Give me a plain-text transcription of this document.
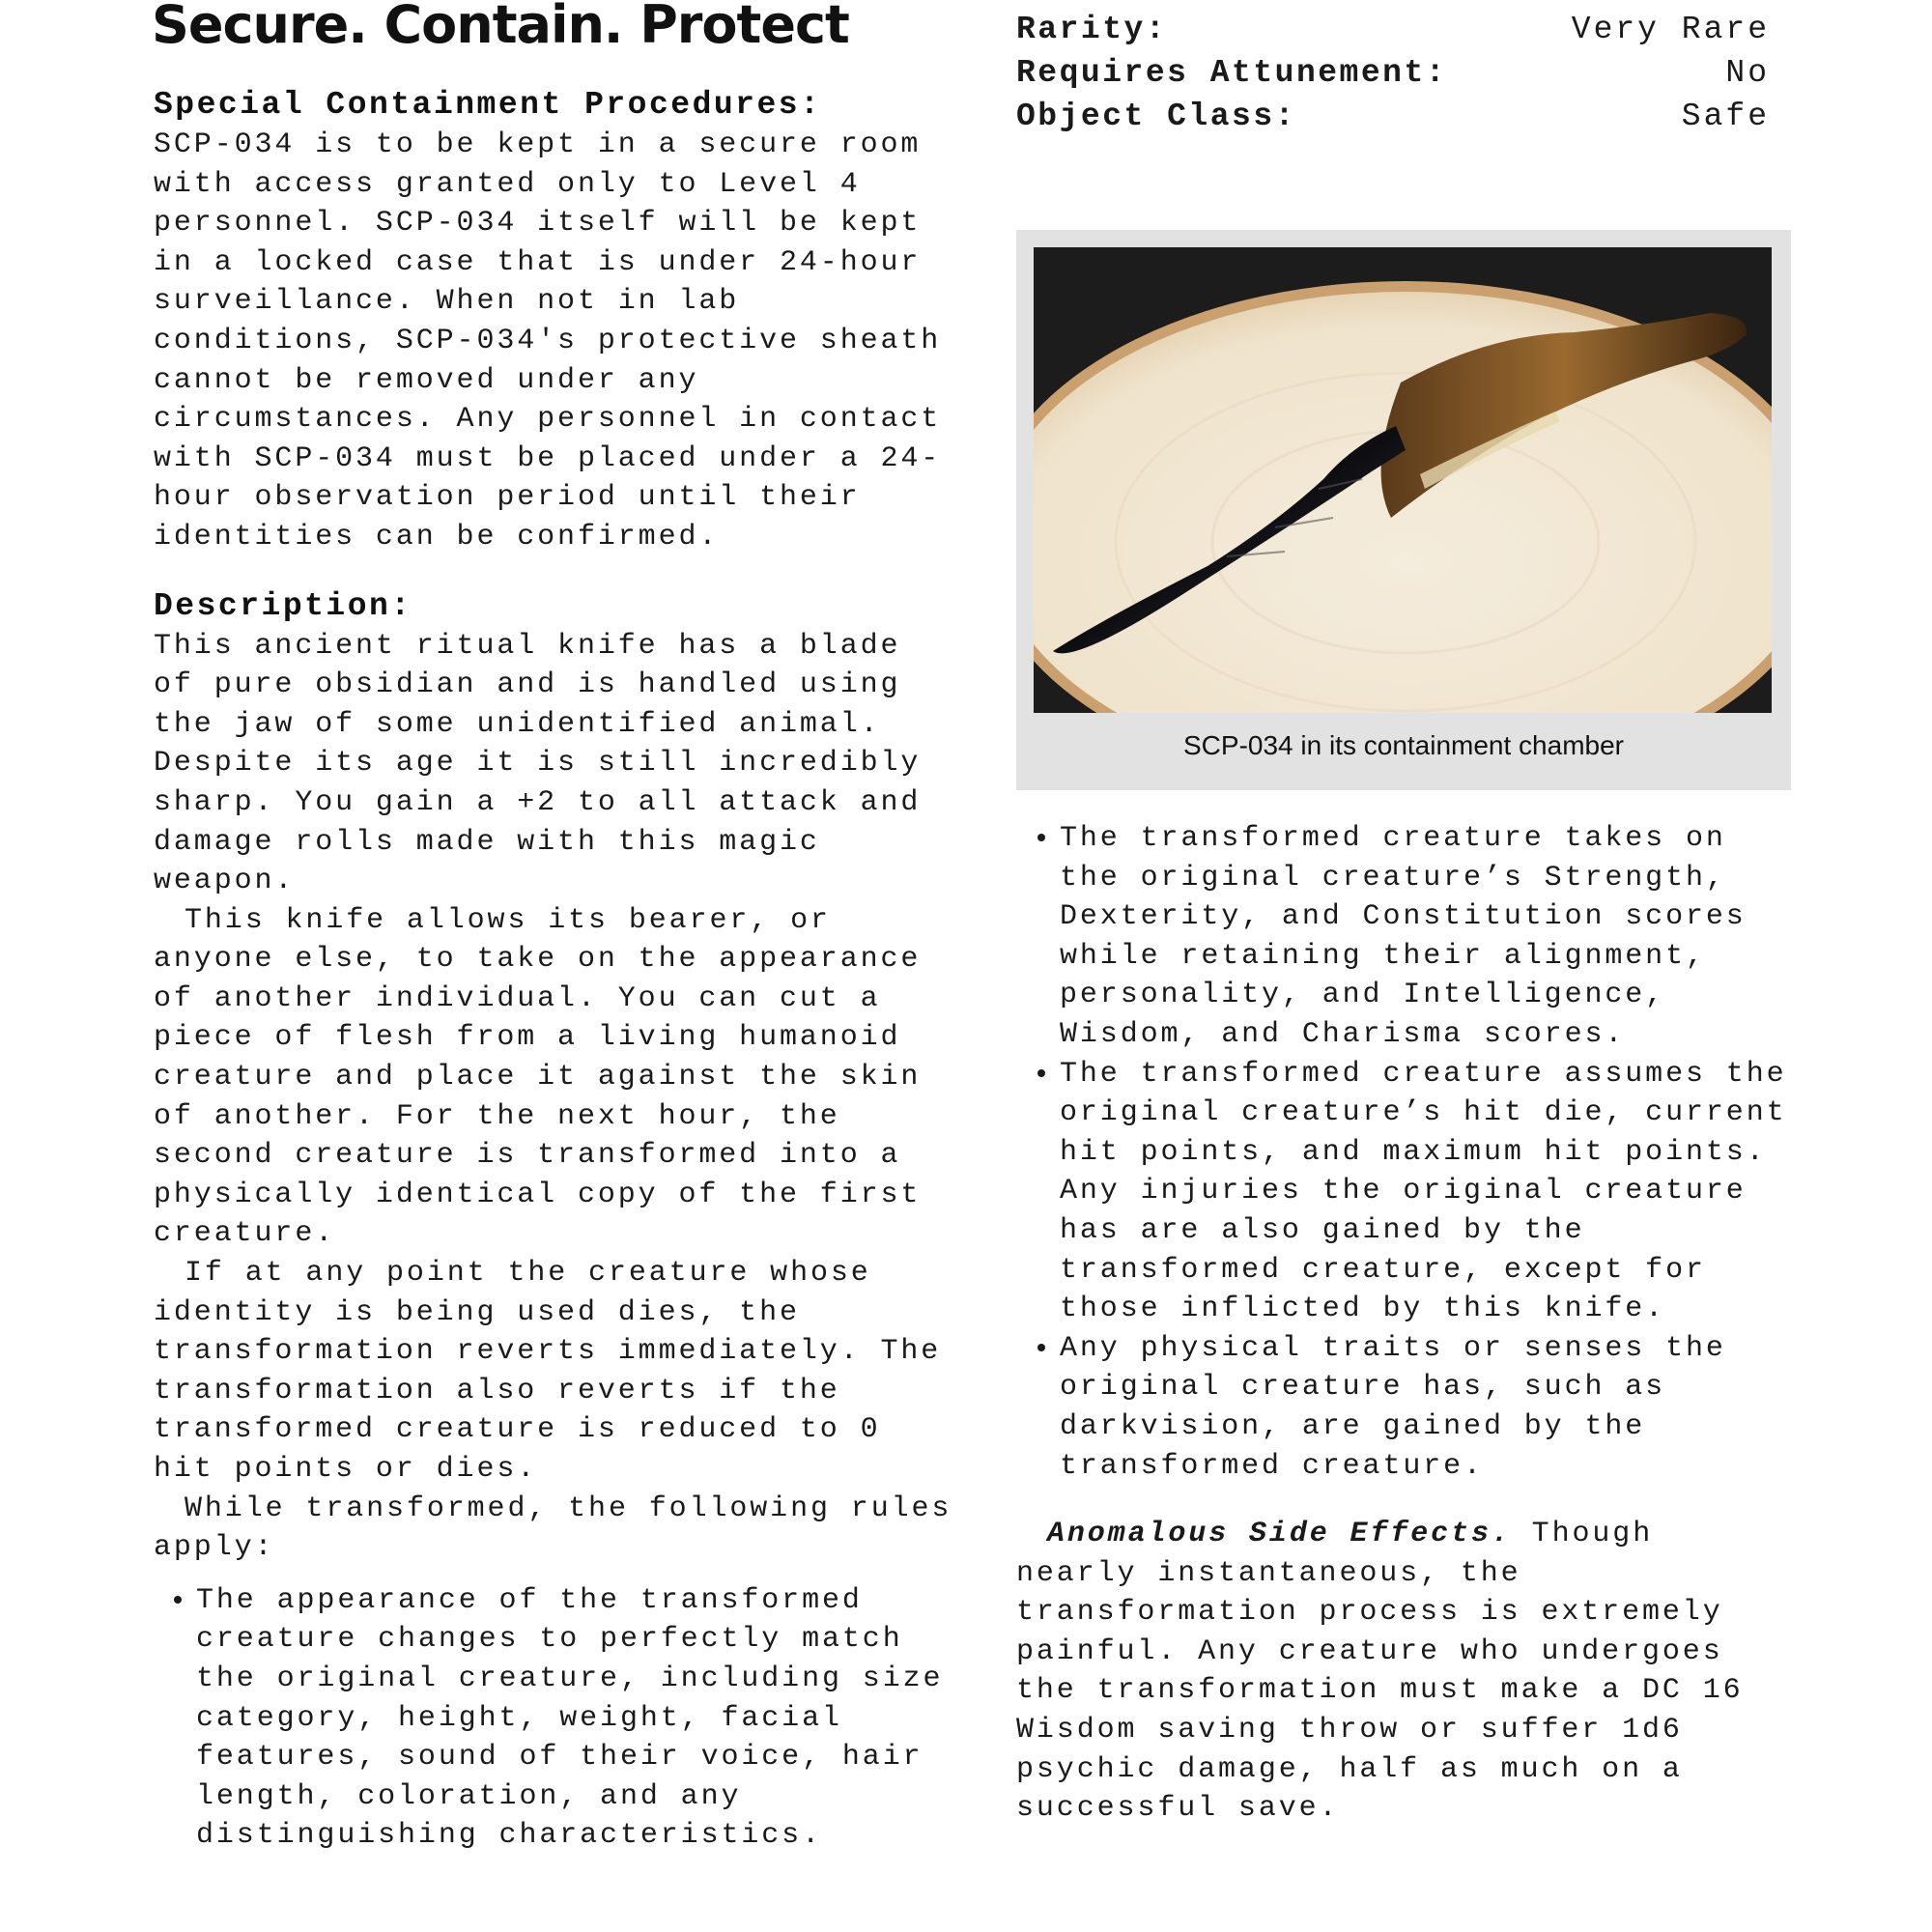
Secure. Contain. Protect
Special Containment Procedures:

SCP-034 is to be kept in a secure room with access granted only to Level 4 personnel. SCP-034 itself will be kept in a locked case that is under 24-hour surveillance. When not in lab conditions, SCP-034's protective sheath cannot be removed under any circumstances. Any personnel in contact with SCP-034 must be placed under a 24-hour observation period until their identities can be confirmed.

Description:

This ancient ritual knife has a blade of pure obsidian and is handled using the jaw of some unidentified animal. Despite its age it is still incredibly sharp. You gain a +2 to all attack and damage rolls made with this magic weapon.

This knife allows its bearer, or anyone else, to take on the appearance of another individual. You can cut a piece of flesh from a living humanoid creature and place it against the skin of another. For the next hour, the second creature is transformed into a physically identical copy of the first creature.

If at any point the creature whose identity is being used dies, the transformation reverts immediately. The transformation also reverts if the transformed creature is reduced to 0 hit points or dies.

While transformed, the following rules apply:

• The appearance of the transformed creature changes to perfectly match the original creature, including size category, height, weight, facial features, sound of their voice, hair length, coloration, and any distinguishing characteristics.
Rarity:	Very Rare
Requires Attunement:	No
Object Class:	Safe
SCP-034 in its containment chamber
• The transformed creature takes on the original creature’s Strength, Dexterity, and Constitution scores while retaining their alignment, personality, and Intelligence, Wisdom, and Charisma scores.
• The transformed creature assumes the original creature’s hit die, current hit points, and maximum hit points. Any injuries the original creature has are also gained by the transformed creature, except for those inflicted by this knife.
• Any physical traits or senses the original creature has, such as darkvision, are gained by the transformed creature.

Anomalous Side Effects. Though nearly instantaneous, the transformation process is extremely painful. Any creature who undergoes the transformation must make a DC 16 Wisdom saving throw or suffer 1d6 psychic damage, half as much on a successful save.
